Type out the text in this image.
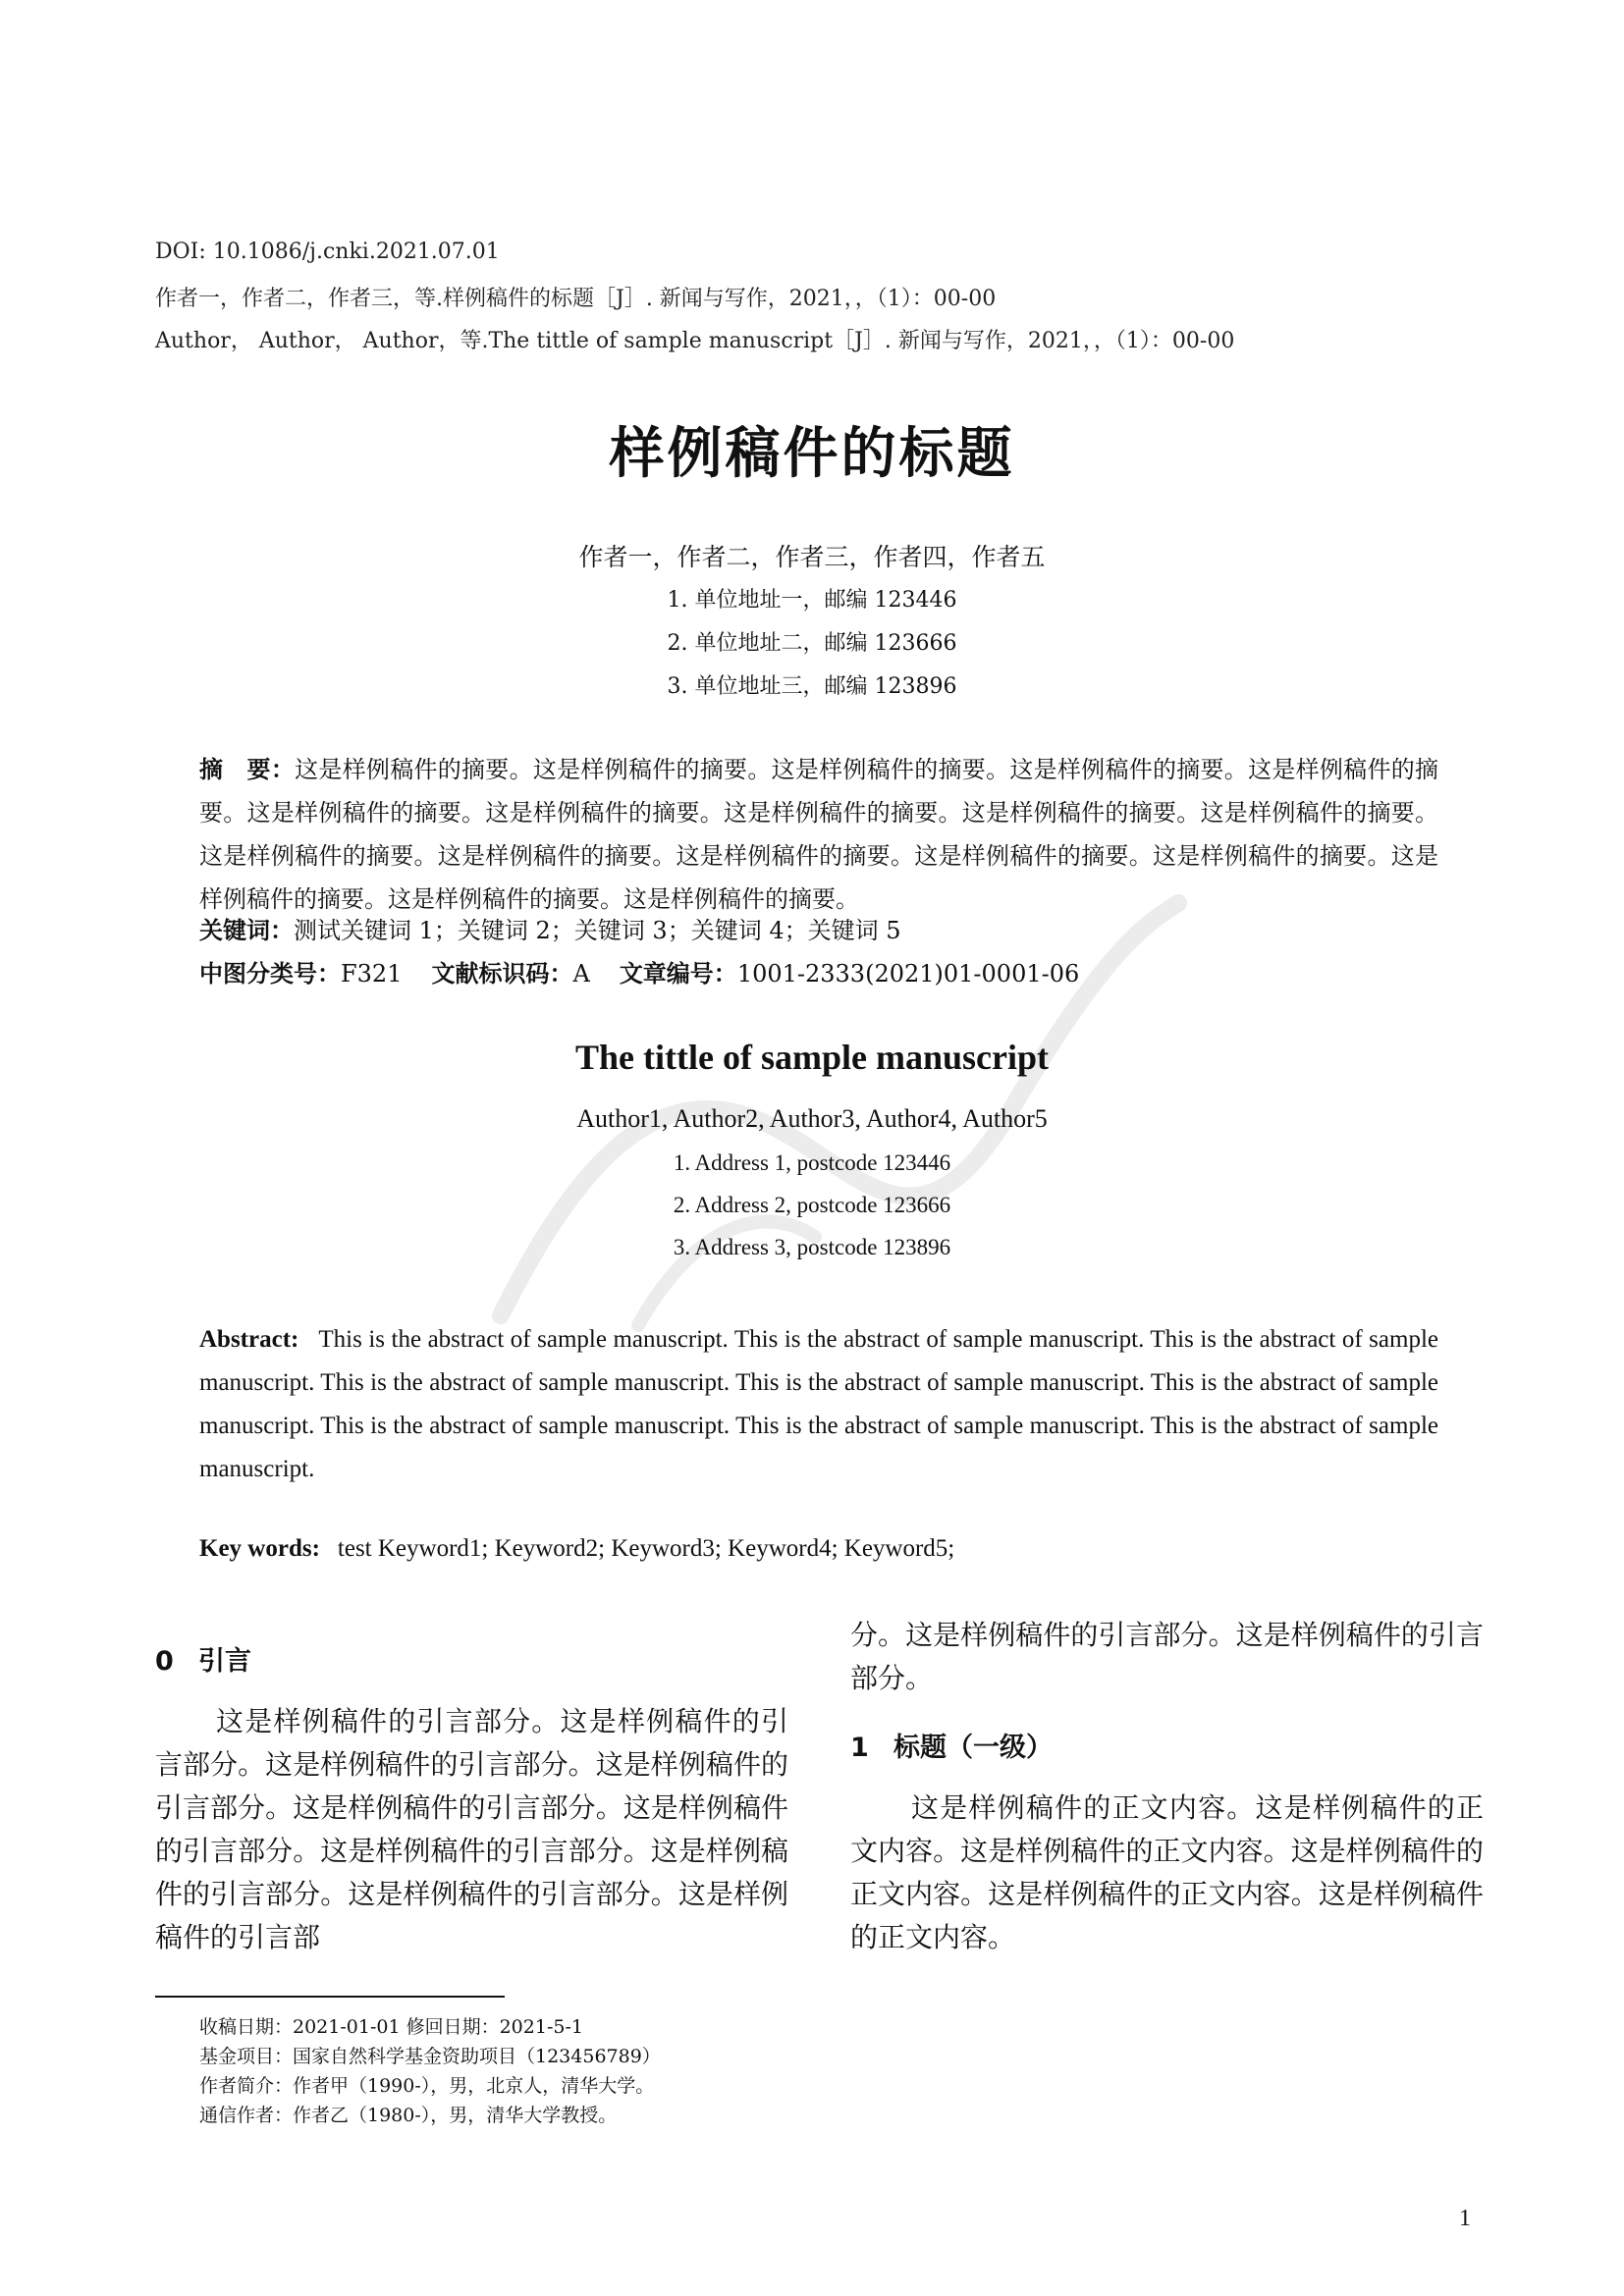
DOI: 10.1086/j.cnki.2021.07.01
作者一，作者二，作者三，等.样例稿件的标题［J］. 新闻与写作，2021，，（1）：00-00
Author， Author， Author，等.The tittle of sample manuscript［J］. 新闻与写作，2021，，（1）：00-00
样例稿件的标题
作者一，作者二，作者三，作者四，作者五
1. 单位地址一，邮编 123446
2. 单位地址二，邮编 123666
3. 单位地址三，邮编 123896
摘　要：这是样例稿件的摘要。这是样例稿件的摘要。这是样例稿件的摘要。这是样例稿件的摘要。这是样例稿件的摘要。这是样例稿件的摘要。这是样例稿件的摘要。这是样例稿件的摘要。这是样例稿件的摘要。这是样例稿件的摘要。这是样例稿件的摘要。这是样例稿件的摘要。这是样例稿件的摘要。这是样例稿件的摘要。这是样例稿件的摘要。这是样例稿件的摘要。这是样例稿件的摘要。这是样例稿件的摘要。
关键词：测试关键词 1；关键词 2；关键词 3；关键词 4；关键词 5
中图分类号：F321 文献标识码：A 文章编号：1001-2333(2021)01-0001-06
The tittle of sample manuscript
Author1, Author2, Author3, Author4, Author5
1. Address 1, postcode 123446
2. Address 2, postcode 123666
3. Address 3, postcode 123896
Abstract: This is the abstract of sample manuscript. This is the abstract of sample manuscript. This is the abstract of sample manuscript. This is the abstract of sample manuscript. This is the abstract of sample manuscript. This is the abstract of sample manuscript. This is the abstract of sample manuscript. This is the abstract of sample manuscript. This is the abstract of sample manuscript.
Key words: test Keyword1; Keyword2; Keyword3; Keyword4; Keyword5;
0 引言
这是样例稿件的引言部分。这是样例稿件的引言部分。这是样例稿件的引言部分。这是样例稿件的引言部分。这是样例稿件的引言部分。这是样例稿件的引言部分。这是样例稿件的引言部分。这是样例稿件的引言部分。这是样例稿件的引言部分。这是样例稿件的引言部
分。这是样例稿件的引言部分。这是样例稿件的引言部分。
1 标题（一级）
这是样例稿件的正文内容。这是样例稿件的正文内容。这是样例稿件的正文内容。这是样例稿件的正文内容。这是样例稿件的正文内容。这是样例稿件的正文内容。
收稿日期：2021-01-01 修回日期：2021-5-1
基金项目：国家自然科学基金资助项目（123456789）
作者简介：作者甲（1990-），男，北京人，清华大学。
通信作者：作者乙（1980-），男，清华大学教授。
1
